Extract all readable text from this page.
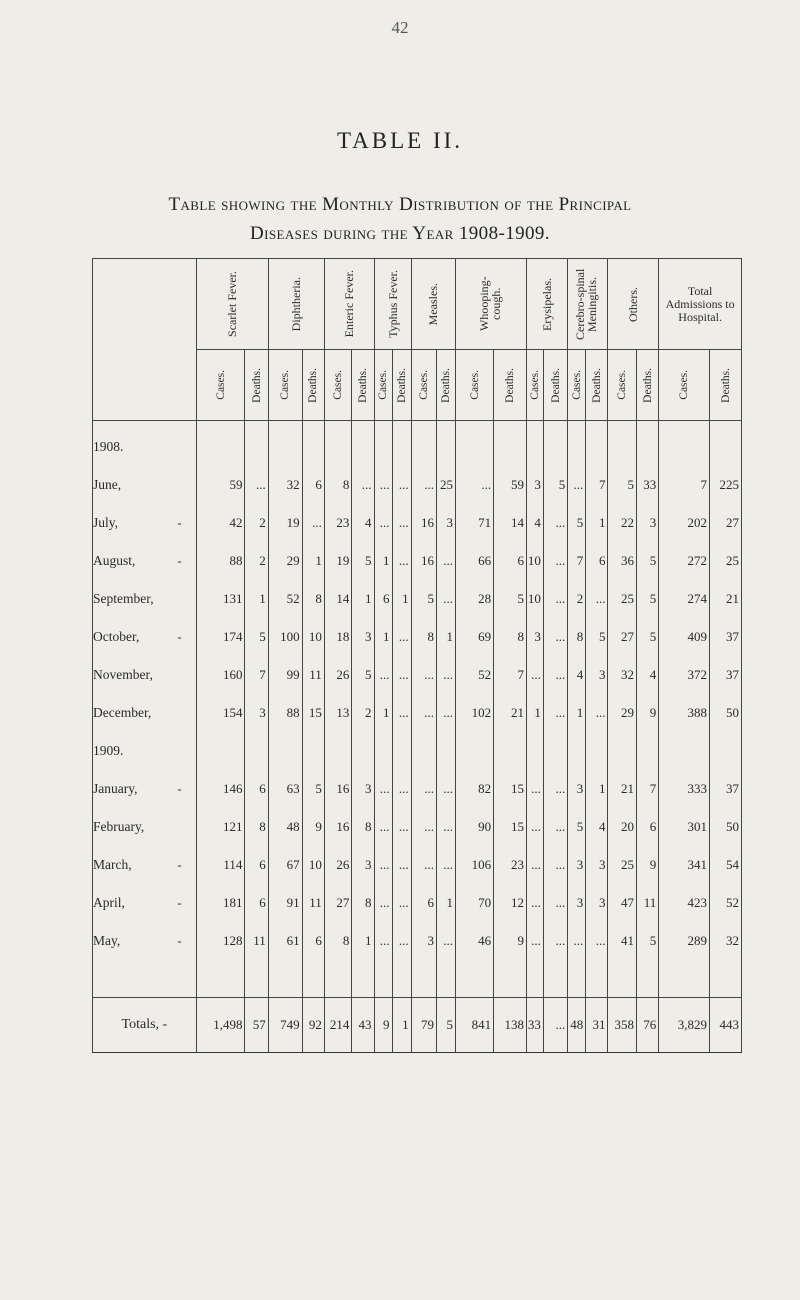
42
TABLE II.
Table showing the Monthly Distribution of the Principal
Diseases during the Year 1908-1909.

	Scarlet Fever.		Diphtheria.		Enteric Fever.		Typhus Fever.		Measles.		Whooping-cough.		Erysipelas.		Cerebro-spinal Meningitis.		Others.		Total Admissions to Hospital.	

	Cases.	Deaths.	Cases.	Deaths.	Cases.	Deaths.	Cases.	Deaths.	Cases.	Deaths.	Cases.	Deaths.	Cases.	Deaths.	Cases.	Deaths.	Cases.	Deaths.	Cases.	Deaths.

1908.																				
June,	59	...	32	6	8	...	...	...	...	25	...	59	3	5	...	7	5	33	7	225
July, -	42	2	19	...	23	4	...	...	16	3	71	14	4	...	5	1	22	3	202	27
August, -	88	2	29	1	19	5	1	...	16	...	66	6	10	...	7	6	36	5	272	25
September,	131	1	52	8	14	1	6	1	5	...	28	5	10	...	2	...	25	5	274	21
October, -	174	5	100	10	18	3	1	...	8	1	69	8	3	...	8	5	27	5	409	37
November,	160	7	99	11	26	5	...	...	...	...	52	7	...	...	4	3	32	4	372	37
December,	154	3	88	15	13	2	1	...	...	...	102	21	1	...	1	...	29	9	388	50
1909.																				
January, -	146	6	63	5	16	3	...	...	...	...	82	15	...	...	3	1	21	7	333	37
February,	121	8	48	9	16	8	...	...	...	...	90	15	...	...	5	4	20	6	301	50
March, -	114	6	67	10	26	3	...	...	...	...	106	23	...	...	3	3	25	9	341	54
April, -	181	6	91	11	27	8	...	...	6	1	70	12	...	...	3	3	47	11	423	52
May, -	128	11	61	6	8	1	...	...	3	...	46	9	...	...	...	...	41	5	289	32

Totals, -	1,498	57	749	92	214	43	9	1	79	5	841	138	33	...	48	31	358	76	3,829	443
